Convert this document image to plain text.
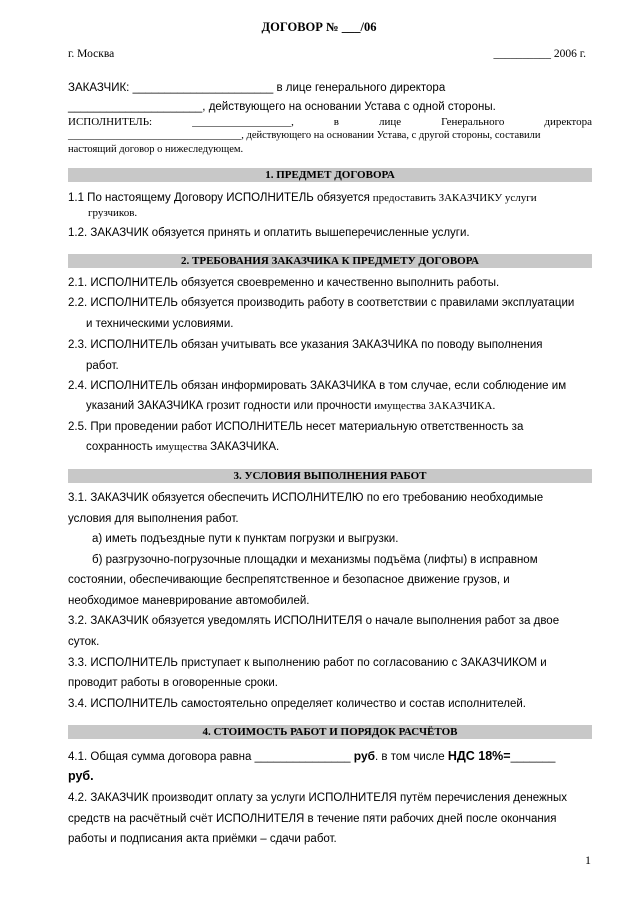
ДОГОВОР № ___/06
г. Москва	__________ 2006 г.
ЗАКАЗЧИК: ______________________ в лице генерального директора
_____________________, действующего на основании Устава с одной стороны.
ИСПОЛНИТЕЛЬ:	__________________,	в	лице	Генерального	директора
_________________________________, действующего на основании Устава, с другой стороны, составили
настоящий договор о нижеследующем.
1. ПРЕДМЕТ ДОГОВОРА
1.1 По настоящему Договору ИСПОЛНИТЕЛЬ обязуется предоставить ЗАКАЗЧИКУ услуги
грузчиков.
1.2. ЗАКАЗЧИК обязуется принять и оплатить вышеперечисленные услуги.
2. ТРЕБОВАНИЯ ЗАКАЗЧИКА К ПРЕДМЕТУ ДОГОВОРА
2.1. ИСПОЛНИТЕЛЬ обязуется своевременно и качественно выполнить работы.
2.2. ИСПОЛНИТЕЛЬ обязуется производить работу в соответствии с правилами эксплуатации
и техническими условиями.
2.3. ИСПОЛНИТЕЛЬ обязан учитывать все указания ЗАКАЗЧИКА по поводу выполнения
работ.
2.4. ИСПОЛНИТЕЛЬ обязан информировать ЗАКАЗЧИКА в том случае, если соблюдение им
указаний ЗАКАЗЧИКА грозит годности или прочности имущества ЗАКАЗЧИКА.
2.5. При проведении работ ИСПОЛНИТЕЛЬ несет материальную ответственность за
сохранность имущества ЗАКАЗЧИКА.
3. УСЛОВИЯ ВЫПОЛНЕНИЯ РАБОТ
3.1. ЗАКАЗЧИК обязуется обеспечить ИСПОЛНИТЕЛЮ по его требованию необходимые
условия для выполнения работ.
а) иметь подъездные пути к пунктам погрузки и выгрузки.
б) разгрузочно-погрузочные площадки и механизмы подъёма (лифты) в исправном
состоянии, обеспечивающие беспрепятственное и безопасное движение грузов, и
необходимое маневрирование автомобилей.
3.2. ЗАКАЗЧИК обязуется уведомлять ИСПОЛНИТЕЛЯ о начале выполнения работ за двое
суток.
3.3. ИСПОЛНИТЕЛЬ приступает к выполнению работ по согласованию с ЗАКАЗЧИКОМ и
проводит работы в оговоренные сроки.
3.4. ИСПОЛНИТЕЛЬ самостоятельно определяет количество и состав исполнителей.
4. СТОИМОСТЬ РАБОТ И ПОРЯДОК РАСЧЁТОВ
4.1. Общая сумма договора равна _______________ руб. в том числе НДС 18%=_______
руб.
4.2. ЗАКАЗЧИК производит оплату за услуги ИСПОЛНИТЕЛЯ путём перечисления денежных
средств на расчётный счёт ИСПОЛНИТЕЛЯ в течение пяти рабочих дней после окончания
работы и подписания акта приёмки – сдачи работ.
1
